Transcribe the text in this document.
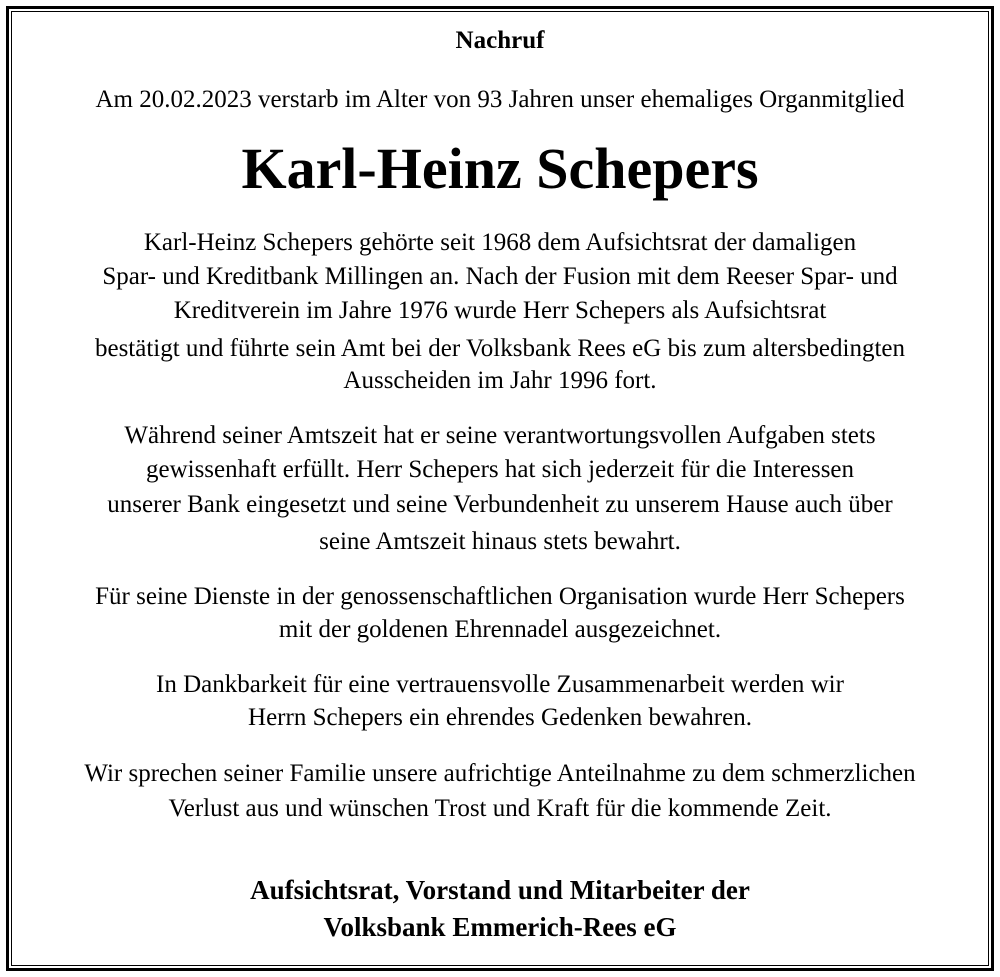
Nachruf
Am 20.02.2023 verstarb im Alter von 93 Jahren unser ehemaliges Organmitglied
Karl-Heinz Schepers
Karl-Heinz Schepers gehörte seit 1968 dem Aufsichtsrat der damaligen
Spar- und Kreditbank Millingen an. Nach der Fusion mit dem Reeser Spar- und
Kreditverein im Jahre 1976 wurde Herr Schepers als Aufsichtsrat
bestätigt und führte sein Amt bei der Volksbank Rees eG bis zum altersbedingten
Ausscheiden im Jahr 1996 fort.
Während seiner Amtszeit hat er seine verantwortungsvollen Aufgaben stets
gewissenhaft erfüllt. Herr Schepers hat sich jederzeit für die Interessen
unserer Bank eingesetzt und seine Verbundenheit zu unserem Hause auch über
seine Amtszeit hinaus stets bewahrt.
Für seine Dienste in der genossenschaftlichen Organisation wurde Herr Schepers
mit der goldenen Ehrennadel ausgezeichnet.
In Dankbarkeit für eine vertrauensvolle Zusammenarbeit werden wir
Herrn Schepers ein ehrendes Gedenken bewahren.
Wir sprechen seiner Familie unsere aufrichtige Anteilnahme zu dem schmerzlichen
Verlust aus und wünschen Trost und Kraft für die kommende Zeit.
Aufsichtsrat, Vorstand und Mitarbeiter der
Volksbank Emmerich-Rees eG
